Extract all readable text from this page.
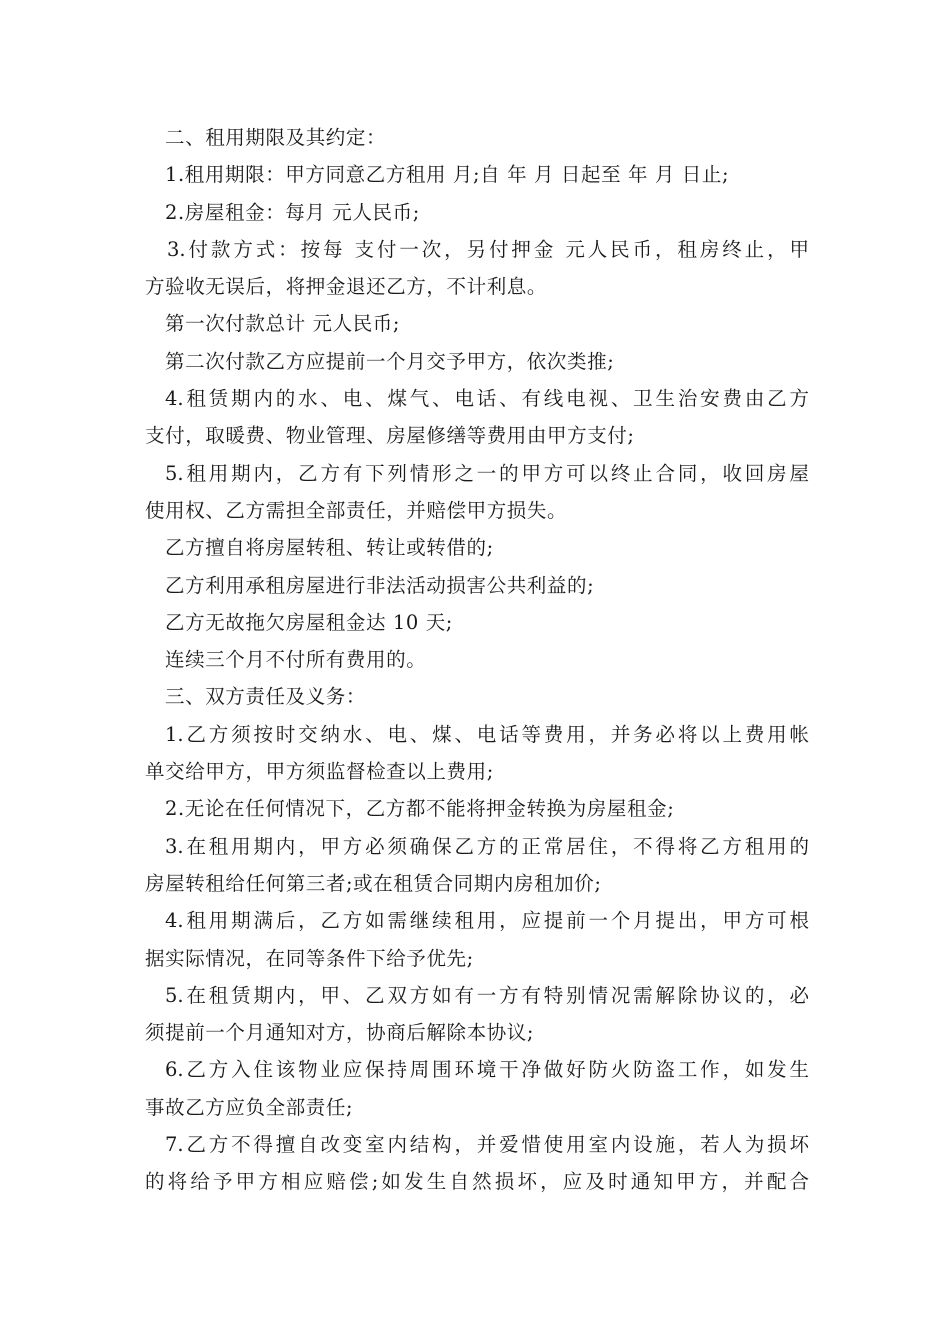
二、租用期限及其约定：
1.租用期限：甲方同意乙方租用 月;自 年 月 日起至 年 月 日止;
2.房屋租金：每月 元人民币;
3.付款方式：按每 支付一次，另付押金 元人民币，租房终止，甲
方验收无误后，将押金退还乙方，不计利息。
第一次付款总计 元人民币;
第二次付款乙方应提前一个月交予甲方，依次类推;
4.租赁期内的水、电、煤气、电话、有线电视、卫生治安费由乙方
支付，取暖费、物业管理、房屋修缮等费用由甲方支付;
5.租用期内，乙方有下列情形之一的甲方可以终止合同，收回房屋
使用权、乙方需担全部责任，并赔偿甲方损失。
乙方擅自将房屋转租、转让或转借的;
乙方利用承租房屋进行非法活动损害公共利益的;
乙方无故拖欠房屋租金达 10 天;
连续三个月不付所有费用的。
三、双方责任及义务：
1.乙方须按时交纳水、电、煤、电话等费用，并务必将以上费用帐
单交给甲方，甲方须监督检查以上费用;
2.无论在任何情况下，乙方都不能将押金转换为房屋租金;
3.在租用期内，甲方必须确保乙方的正常居住，不得将乙方租用的
房屋转租给任何第三者;或在租赁合同期内房租加价;
4.租用期满后，乙方如需继续租用，应提前一个月提出，甲方可根
据实际情况，在同等条件下给予优先;
5.在租赁期内，甲、乙双方如有一方有特别情况需解除协议的，必
须提前一个月通知对方，协商后解除本协议;
6.乙方入住该物业应保持周围环境干净做好防火防盗工作，如发生
事故乙方应负全部责任;
7.乙方不得擅自改变室内结构，并爱惜使用室内设施，若人为损坏
的将给予甲方相应赔偿;如发生自然损坏，应及时通知甲方，并配合
